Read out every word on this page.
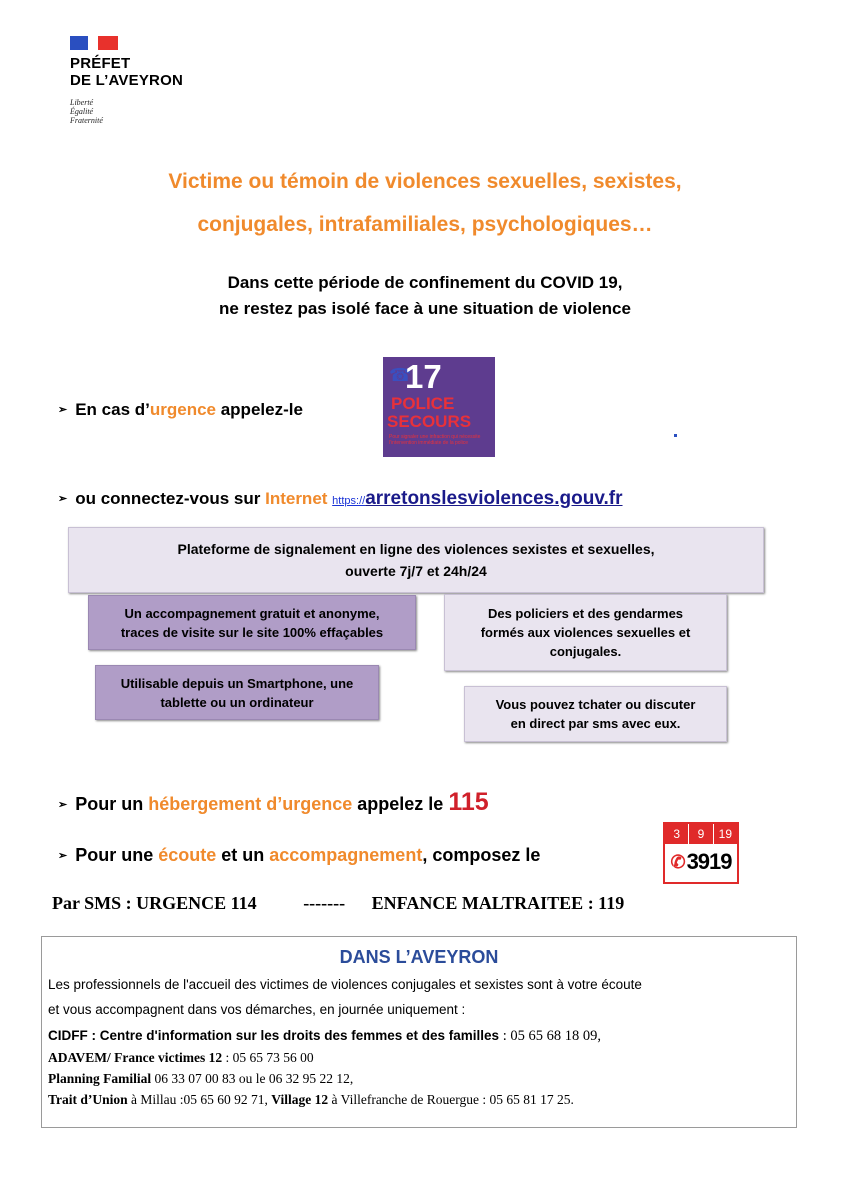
PRÉFET
DE L’AVEYRON
Liberté
Égalité
Fraternité
Victime ou témoin de violences sexuelles, sexistes,
conjugales, intrafamiliales, psychologiques…
Dans cette période de confinement du COVID 19,
ne restez pas isolé face à une situation de violence
➢ En cas d’urgence appelez-le
☎
17
POLICE
SECOURS
Pour signaler une infraction qui nécessite l'intervention immédiate de la police
➢ ou connectez-vous sur Internet https://arretonslesviolences.gouv.fr
Plateforme de signalement en ligne des violences sexistes et sexuelles,
ouverte 7j/7 et 24h/24
Un accompagnement gratuit et anonyme,
traces de visite sur le site 100% effaçables
Des policiers et des gendarmes
formés aux violences sexuelles et
conjugales.
Utilisable depuis un Smartphone, une
tablette ou un ordinateur	Vous pouvez tchater ou discuter
en direct par sms avec eux.
➢ Pour un hébergement d’urgence appelez le 115
➢ Pour une écoute et un accompagnement, composez le
3	9	19
✆ 3919
Par SMS : URGENCE 114	------- ENFANCE MALTRAITEE : 119
DANS L’AVEYRON
Les professionnels de l'accueil des victimes de violences conjugales et sexistes sont à votre écoute
et vous accompagnent dans vos démarches, en journée uniquement :
CIDFF : Centre d'information sur les droits des femmes et des familles : 05 65 68 18 09,
ADAVEM/ France victimes 12 : 05 65 73 56 00
Planning Familial 06 33 07 00 83 ou le 06 32 95 22 12,
Trait d’Union à Millau :05 65 60 92 71, Village 12 à Villefranche de Rouergue : 05 65 81 17 25.
